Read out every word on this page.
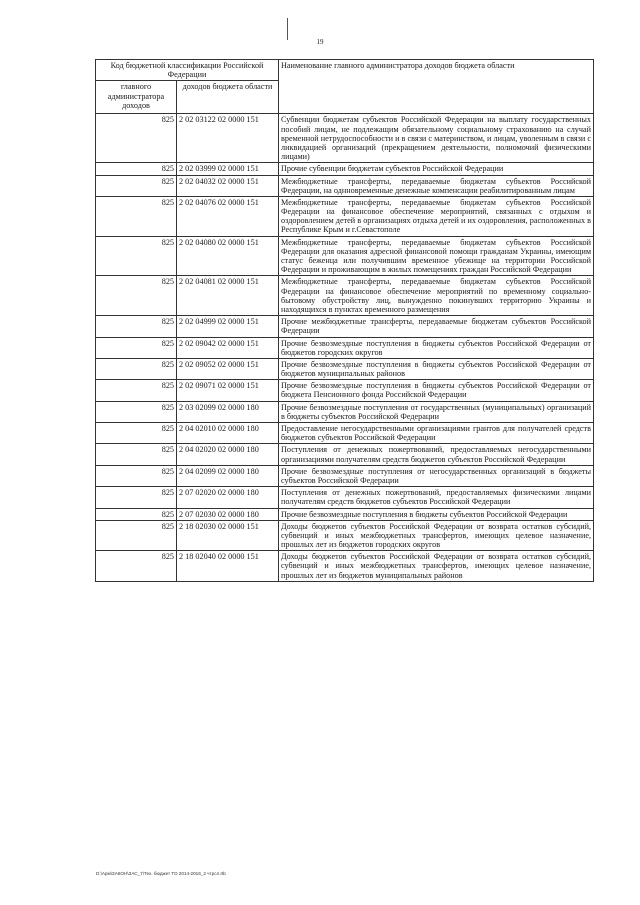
19
Код бюджетной классификации Российской Федерации		Наименование главного администратора доходов бюджета области
главного администратора доходов	доходов бюджета области	
825	2 02 03122 02 0000 151	Субвенции бюджетам субъектов Российской Федерации на выплату государственных пособий лицам, не подлежащим обязательному социальному страхованию на случай временной нетрудоспособности и в связи с материнством, и лицам, уволенным в связи с ликвидацией организаций (прекращением деятельности, полномочий физическими лицами)
825	2 02 03999 02 0000 151	Прочие субвенции бюджетам субъектов Российской Федерации
825	2 02 04032 02 0000 151	Межбюджетные трансферты, передаваемые бюджетам субъектов Российской Федерации, на однновременные денежные компенсации реабилитированным лицам
825	2 02 04076 02 0000 151	Межбюджетные трансферты, передаваемые бюджетам субъектов Российской Федерации на финансовое обеспечение мероприятий, связанных с отдыхом и оздоровлением детей в организациях отдыха детей и их оздоровления, расположенных в Республике Крым и г.Севастополе
825	2 02 04080 02 0000 151	Межбюджетные трансферты, передаваемые бюджетам субъектов Российской Федерации для оказания адресной финансовой помощи гражданам Украины, имеющим статус беженца или получившим временное убежище на территории Российской Федерации и проживающим в жилых помещениях граждан Российской Федерации
825	2 02 04081 02 0000 151	Межбюджетные трансферты, передаваемые бюджетам субъектов Российской Федерации на финансовое обеспечение мероприятий по временному социально-бытовому обустройству лиц, вынужденно покинувших территорию Украины и находящихся в пунктах временного размещения
825	2 02 04999 02 0000 151	Прочие межбюджетные трансферты, передаваемые бюджетам субъектов Российской Федерации
825	2 02 09042 02 0000 151	Прочие безвозмездные поступления в бюджеты субъектов Российской Федерации от бюджетов городских округов
825	2 02 09052 02 0000 151	Прочие безвозмездные поступления в бюджеты субъектов Российской Федерации от бюджетов муниципальных районов
825	2 02 09071 02 0000 151	Прочие безвозмездные поступления в бюджеты субъектов Российской Федерации от бюджета Пенсионного фонда Российской Федерации
825	2 03 02099 02 0000 180	Прочие безвозмездные поступления от государственных (муниципальных) организаций в бюджеты субъектов Российской Федерации
825	2 04 02010 02 0000 180	Предоставление негосударственными организациями грантов для получателей средств бюджетов субъектов Российской Федерации
825	2 04 02020 02 0000 180	Поступления от денежных пожертвований, предоставляемых негосударственными организациями получателям средств бюджетов субъектов Российской Федерации
825	2 04 02099 02 0000 180	Прочие безвозмездные поступления от негосударственных организаций в бюджеты субъектов Российской Федерации
825	2 07 02020 02 0000 180	Поступления от денежных пожертвований, предоставляемых физическими лицами получателям средств бюджетов субъектов Российской Федерации
825	2 07 02030 02 0000 180	Прочие безвозмездные поступления в бюджеты субъектов Российской Федерации
825	2 18 02030 02 0000 151	Доходы бюджетов субъектов Российской Федерации от возврата остатков субсидий, субвенций и иных межбюджетных трансфертов, имеющих целевое назначение, прошлых лет из бюджетов городских округов
825	2 18 02040 02 0000 151	Доходы бюджетов субъектов Российской Федерации от возврата остатков субсидий, субвенций и иных межбюджетных трансфертов, имеющих целевое назначение, прошлых лет из бюджетов муниципальных районов
D:\Арм\ЗАКОН\ЗАС_7\Тех. бюджет ТО 2014-2016_2 чтрсл.rtb
